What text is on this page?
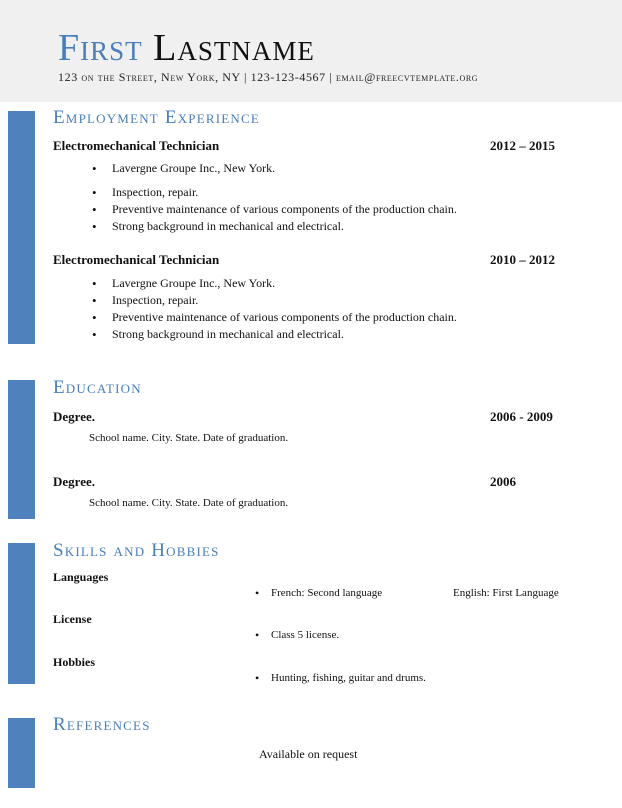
First Lastname
123 on the Street, New York, NY | 123-123-4567 | email@freecvtemplate.org
Employment Experience
Electromechanical Technician	2012 – 2015
• Lavergne Groupe Inc., New York.
• Inspection, repair.
• Preventive maintenance of various components of the production chain.
• Strong background in mechanical and electrical.
Electromechanical Technician	2010 – 2012
• Lavergne Groupe Inc., New York.
• Inspection, repair.
• Preventive maintenance of various components of the production chain.
• Strong background in mechanical and electrical.
Education
Degree.	2006 - 2009
School name. City. State. Date of graduation.
Degree.	2006
School name. City. State. Date of graduation.
Skills and Hobbies
Languages
• French: Second language	English: First Language
License
• Class 5 license.
Hobbies
• Hunting, fishing, guitar and drums.
References
Available on request
